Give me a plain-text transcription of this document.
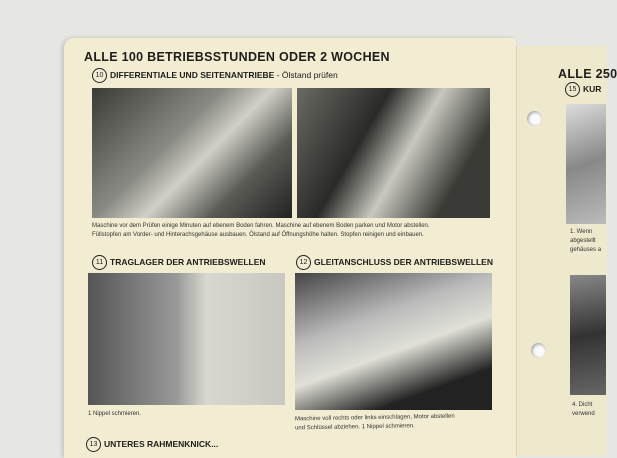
ALLE 100 BETRIEBSSTUNDEN ODER 2 WOCHEN
10 DIFFERENTIALE UND SEITENANTRIEBE - Ölstand prüfen
Maschine vor dem Prüfen einige Minuten auf ebenem Boden fahren. Maschine auf ebenem Boden parken und Motor abstellen.
Füllstopfen am Vorder- und Hinterachsgehäuse ausbauen. Ölstand auf Öffnungshöhe halten. Stopfen reinigen und einbauen.
11 TRAGLAGER DER ANTRIEBSWELLEN	12 GLEITANSCHLUSS DER ANTRIEBSWELLEN
1 Nippel schmieren.	Maschine voll rechts oder links einschlagen, Motor abstellen
und Schlüssel abziehen. 1 Nippel schmieren.
13 UNTERES RAHMENKNICK...
ALLE 250
15 KUR
1. Wenn
abgestellt
gehäuses a
4. Dicht
verwend
